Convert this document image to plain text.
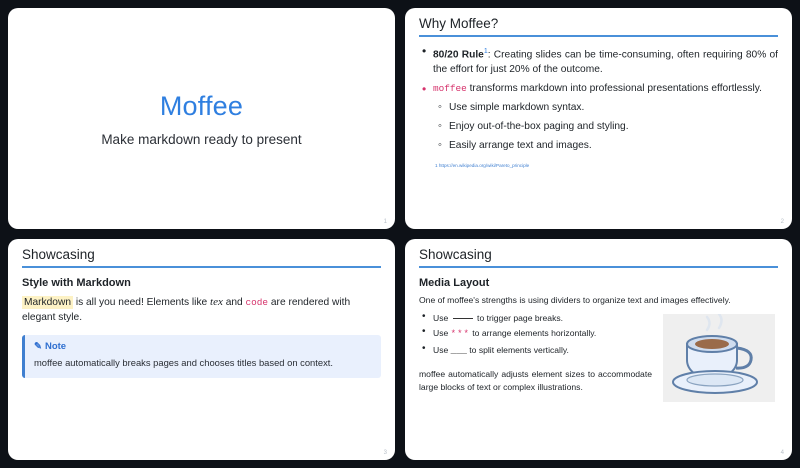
Moffee
Make markdown ready to present
1
Why Moffee?
• 80/20 Rule$^1$: Creating slides can be time-consuming, often requiring 80% of the effort for just 20% of the outcome.
• moffee transforms markdown into professional presentations effortlessly.
◦ Use simple markdown syntax.
◦ Enjoy out-of-the-box paging and styling.
◦ Easily arrange text and images.
1 https://en.wikipedia.org/wiki/Pareto_principle
2
Showcasing
Style with Markdown
Markdown is all you need! Elements like tex and code are rendered with elegant style.
✎ Note
moffee automatically breaks pages and chooses titles based on context.
3
Showcasing
Media Layout
One of moffee's strengths is using dividers to organize text and images effectively.
• Use	to trigger page breaks.
• Use *** to arrange elements horizontally.
• Use ___ to split elements vertically.
moffee automatically adjusts element sizes to accommodate large blocks of text or complex illustrations.
4
